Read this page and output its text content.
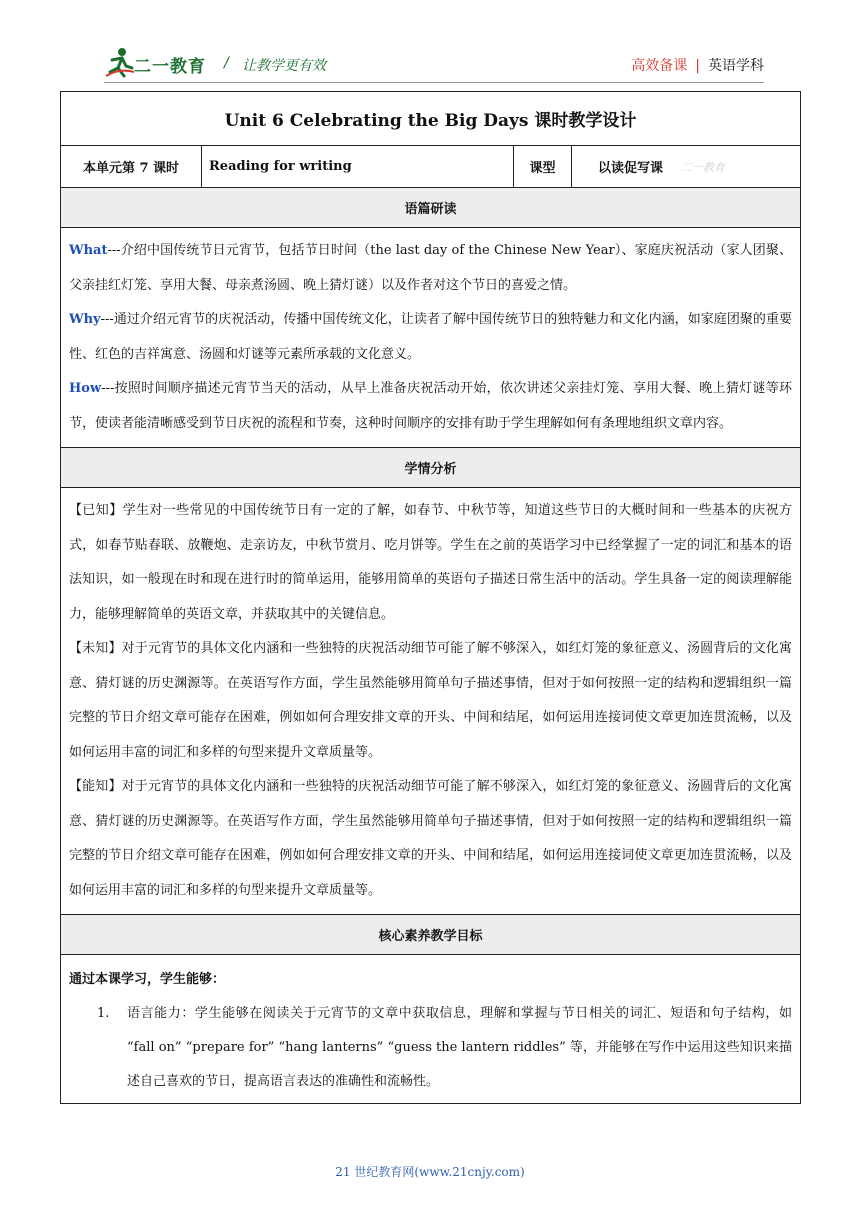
二一教育 / 让教学更有效	高效备课 | 英语学科
Unit 6 Celebrating the Big Days 课时教学设计
本单元第 7 课时	Reading for writing	课型	以读促写课 二一教育
语篇研读

What---介绍中国传统节日元宵节，包括节日时间（the last day of the Chinese New Year）、家庭庆祝活动（家人团聚、父亲挂红灯笼、享用大餐、母亲煮汤圆、晚上猜灯谜）以及作者对这个节日的喜爱之情。

Why---通过介绍元宵节的庆祝活动，传播中国传统文化，让读者了解中国传统节日的独特魅力和文化内涵，如家庭团聚的重要性、红色的吉祥寓意、汤圆和灯谜等元素所承载的文化意义。

How---按照时间顺序描述元宵节当天的活动，从早上准备庆祝活动开始，依次讲述父亲挂灯笼、享用大餐、晚上猜灯谜等环节，使读者能清晰感受到节日庆祝的流程和节奏，这种时间顺序的安排有助于学生理解如何有条理地组织文章内容。

学情分析

【已知】学生对一些常见的中国传统节日有一定的了解，如春节、中秋节等，知道这些节日的大概时间和一些基本的庆祝方式，如春节贴春联、放鞭炮、走亲访友，中秋节赏月、吃月饼等。学生在之前的英语学习中已经掌握了一定的词汇和基本的语法知识，如一般现在时和现在进行时的简单运用，能够用简单的英语句子描述日常生活中的活动。学生具备一定的阅读理解能力，能够理解简单的英语文章，并获取其中的关键信息。

【未知】对于元宵节的具体文化内涵和一些独特的庆祝活动细节可能了解不够深入，如红灯笼的象征意义、汤圆背后的文化寓意、猜灯谜的历史渊源等。在英语写作方面，学生虽然能够用简单句子描述事情，但对于如何按照一定的结构和逻辑组织一篇完整的节日介绍文章可能存在困难，例如如何合理安排文章的开头、中间和结尾，如何运用连接词使文章更加连贯流畅，以及如何运用丰富的词汇和多样的句型来提升文章质量等。

【能知】对于元宵节的具体文化内涵和一些独特的庆祝活动细节可能了解不够深入，如红灯笼的象征意义、汤圆背后的文化寓意、猜灯谜的历史渊源等。在英语写作方面，学生虽然能够用简单句子描述事情，但对于如何按照一定的结构和逻辑组织一篇完整的节日介绍文章可能存在困难，例如如何合理安排文章的开头、中间和结尾，如何运用连接词使文章更加连贯流畅，以及如何运用丰富的词汇和多样的句型来提升文章质量等。

核心素养教学目标
通过本课学习，学生能够：
1.	语言能力：学生能够在阅读关于元宵节的文章中获取信息，理解和掌握与节日相关的词汇、短语和句子结构，如 “fall on” “prepare for” “hang lanterns” “guess the lantern riddles” 等，并能够在写作中运用这些知识来描述自己喜欢的节日，提高语言表达的准确性和流畅性。
21 世纪教育网(www.21cnjy.com)
